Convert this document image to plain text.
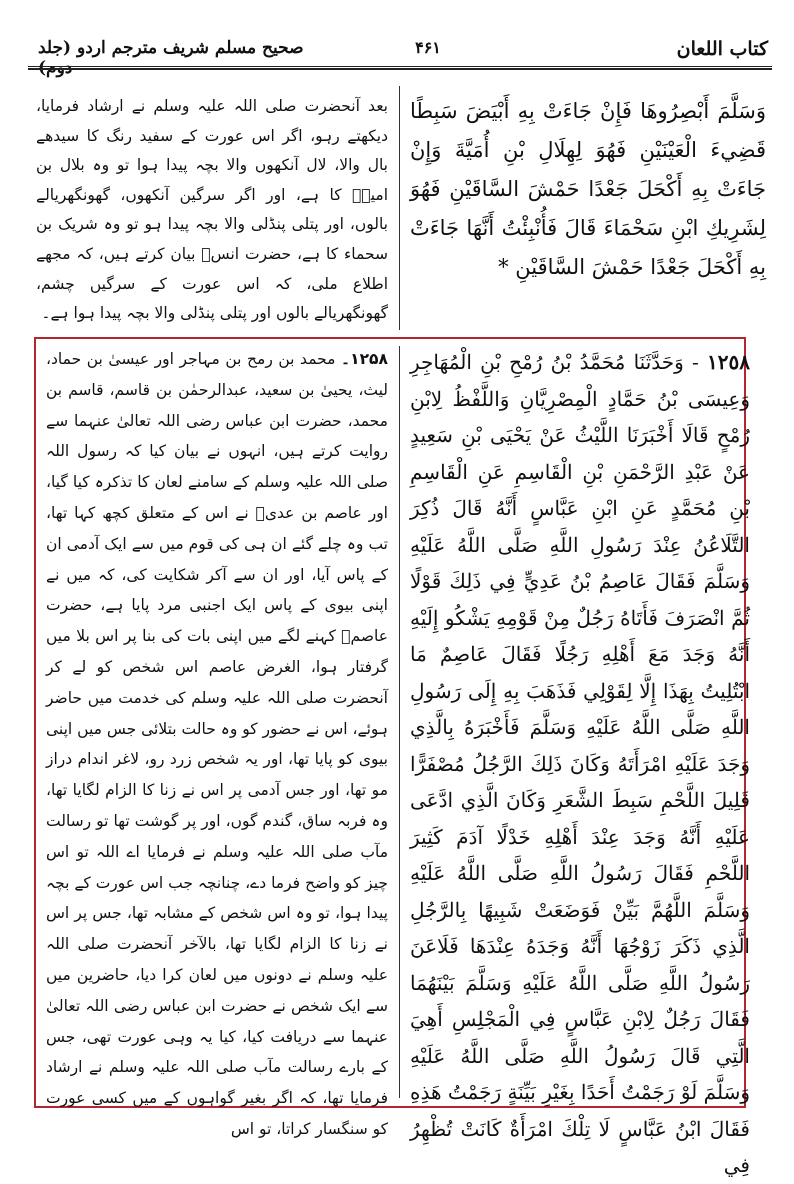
کتاب اللعان
۴۶۱
صحیح مسلم شریف مترجم اردو (جلد دوم)
وَسَلَّمَ أَبْصِرُوهَا فَإِنْ جَاءَتْ بِهِ أَبْيَضَ سَبِطًا قَضِيءَ الْعَيْنَيْنِ فَهُوَ لِهِلَالِ بْنِ أُمَيَّةَ وَإِنْ جَاءَتْ بِهِ أَكْحَلَ جَعْدًا حَمْشَ السَّاقَيْنِ فَهُوَ لِشَرِيكِ ابْنِ سَحْمَاءَ قَالَ فَأُنْبِئْتُ أَنَّهَا جَاءَتْ بِهِ أَكْحَلَ جَعْدًا حَمْشَ السَّاقَيْنِ *
بعد آنحضرت صلی اللہ علیہ وسلم نے ارشاد فرمایا، دیکھتے رہو، اگر اس عورت کے سفید رنگ کا سیدھے بال والا، لال آنکھوں والا بچہ پیدا ہوا تو وہ بلال بن امیہؓ کا ہے، اور اگر سرگین آنکھوں، گھونگھریالے بالوں، اور پتلی پنڈلی والا بچہ پیدا ہو تو وہ شریک بن سحماء کا ہے، حضرت انسؓ بیان کرتے ہیں، کہ مجھے اطلاع ملی، کہ اس عورت کے سرگیں چشم، گھونگھریالے بالوں اور پتلی پنڈلی والا بچہ پیدا ہوا ہے۔
١٢٥٨ - وَحَدَّثَنَا مُحَمَّدُ بْنُ رُمْحِ بْنِ الْمُهَاجِرِ وَعِيسَى بْنُ حَمَّادٍ الْمِصْرِيَّانِ وَاللَّفْظُ لِابْنِ رُمْحٍ قَالَا أَخْبَرَنَا اللَّيْثُ عَنْ يَحْيَى بْنِ سَعِيدٍ عَنْ عَبْدِ الرَّحْمَنِ بْنِ الْقَاسِمِ عَنِ الْقَاسِمِ بْنِ مُحَمَّدٍ عَنِ ابْنِ عَبَّاسٍ أَنَّهُ قَالَ ذُكِرَ التَّلَاعُنُ عِنْدَ رَسُولِ اللَّهِ صَلَّى اللَّهُ عَلَيْهِ وَسَلَّمَ فَقَالَ عَاصِمُ بْنُ عَدِيٍّ فِي ذَلِكَ قَوْلًا ثُمَّ انْصَرَفَ فَأَتَاهُ رَجُلٌ مِنْ قَوْمِهِ يَشْكُو إِلَيْهِ أَنَّهُ وَجَدَ مَعَ أَهْلِهِ رَجُلًا فَقَالَ عَاصِمٌ مَا ابْتُلِيتُ بِهَذَا إِلَّا لِقَوْلِي فَذَهَبَ بِهِ إِلَى رَسُولِ اللَّهِ صَلَّى اللَّهُ عَلَيْهِ وَسَلَّمَ فَأَخْبَرَهُ بِالَّذِي وَجَدَ عَلَيْهِ امْرَأَتَهُ وَكَانَ ذَلِكَ الرَّجُلُ مُصْفَرًّا قَلِيلَ اللَّحْمِ سَبِطَ الشَّعَرِ وَكَانَ الَّذِي ادَّعَى عَلَيْهِ أَنَّهُ وَجَدَ عِنْدَ أَهْلِهِ خَدْلًا آدَمَ كَثِيرَ اللَّحْمِ فَقَالَ رَسُولُ اللَّهِ صَلَّى اللَّهُ عَلَيْهِ وَسَلَّمَ اللَّهُمَّ بَيِّنْ فَوَضَعَتْ شَبِيهًا بِالرَّجُلِ الَّذِي ذَكَرَ زَوْجُهَا أَنَّهُ وَجَدَهُ عِنْدَهَا فَلَاعَنَ رَسُولُ اللَّهِ صَلَّى اللَّهُ عَلَيْهِ وَسَلَّمَ بَيْنَهُمَا فَقَالَ رَجُلٌ لِابْنِ عَبَّاسٍ فِي الْمَجْلِسِ أَهِيَ الَّتِي قَالَ رَسُولُ اللَّهِ صَلَّى اللَّهُ عَلَيْهِ وَسَلَّمَ لَوْ رَجَمْتُ أَحَدًا بِغَيْرِ بَيِّنَةٍ رَجَمْتُ هَذِهِ فَقَالَ ابْنُ عَبَّاسٍ لَا تِلْكَ امْرَأَةٌ كَانَتْ تُظْهِرُ فِي
۱۲۵۸۔ محمد بن رمح بن مہاجر اور عیسیٰ بن حماد، لیث، یحییٰ بن سعید، عبدالرحمٰن بن قاسم، قاسم بن محمد، حضرت ابن عباس رضی اللہ تعالیٰ عنہما سے روایت کرتے ہیں، انہوں نے بیان کیا کہ رسول اللہ صلی اللہ علیہ وسلم کے سامنے لعان کا تذکرہ کیا گیا، اور عاصم بن عدیؓ نے اس کے متعلق کچھ کہا تھا، تب وہ چلے گئے ان ہی کی قوم میں سے ایک آدمی ان کے پاس آیا، اور ان سے آکر شکایت کی، کہ میں نے اپنی بیوی کے پاس ایک اجنبی مرد پایا ہے، حضرت عاصمؓ کہنے لگے میں اپنی بات کی بنا پر اس بلا میں گرفتار ہوا، الغرض عاصم اس شخص کو لے کر آنحضرت صلی اللہ علیہ وسلم کی خدمت میں حاضر ہوئے، اس نے حضور کو وہ حالت بتلائی جس میں اپنی بیوی کو پایا تھا، اور یہ شخص زرد رو، لاغر اندام دراز مو تھا، اور جس آدمی پر اس نے زنا کا الزام لگایا تھا، وہ فربہ ساق، گندم گوں، اور پر گوشت تھا تو رسالت مآب صلی اللہ علیہ وسلم نے فرمایا اے اللہ تو اس چیز کو واضح فرما دے، چنانچہ جب اس عورت کے بچہ پیدا ہوا، تو وہ اس شخص کے مشابہ تھا، جس پر اس نے زنا کا الزام لگایا تھا، بالآخر آنحضرت صلی اللہ علیہ وسلم نے دونوں میں لعان کرا دیا، حاضرین میں سے ایک شخص نے حضرت ابن عباس رضی اللہ تعالیٰ عنہما سے دریافت کیا، کیا یہ وہی عورت تھی، جس کے بارے رسالت مآب صلی اللہ علیہ وسلم نے ارشاد فرمایا تھا، کہ اگر بغیر گواہوں کے میں کسی عورت کو سنگسار کراتا، تو اس
